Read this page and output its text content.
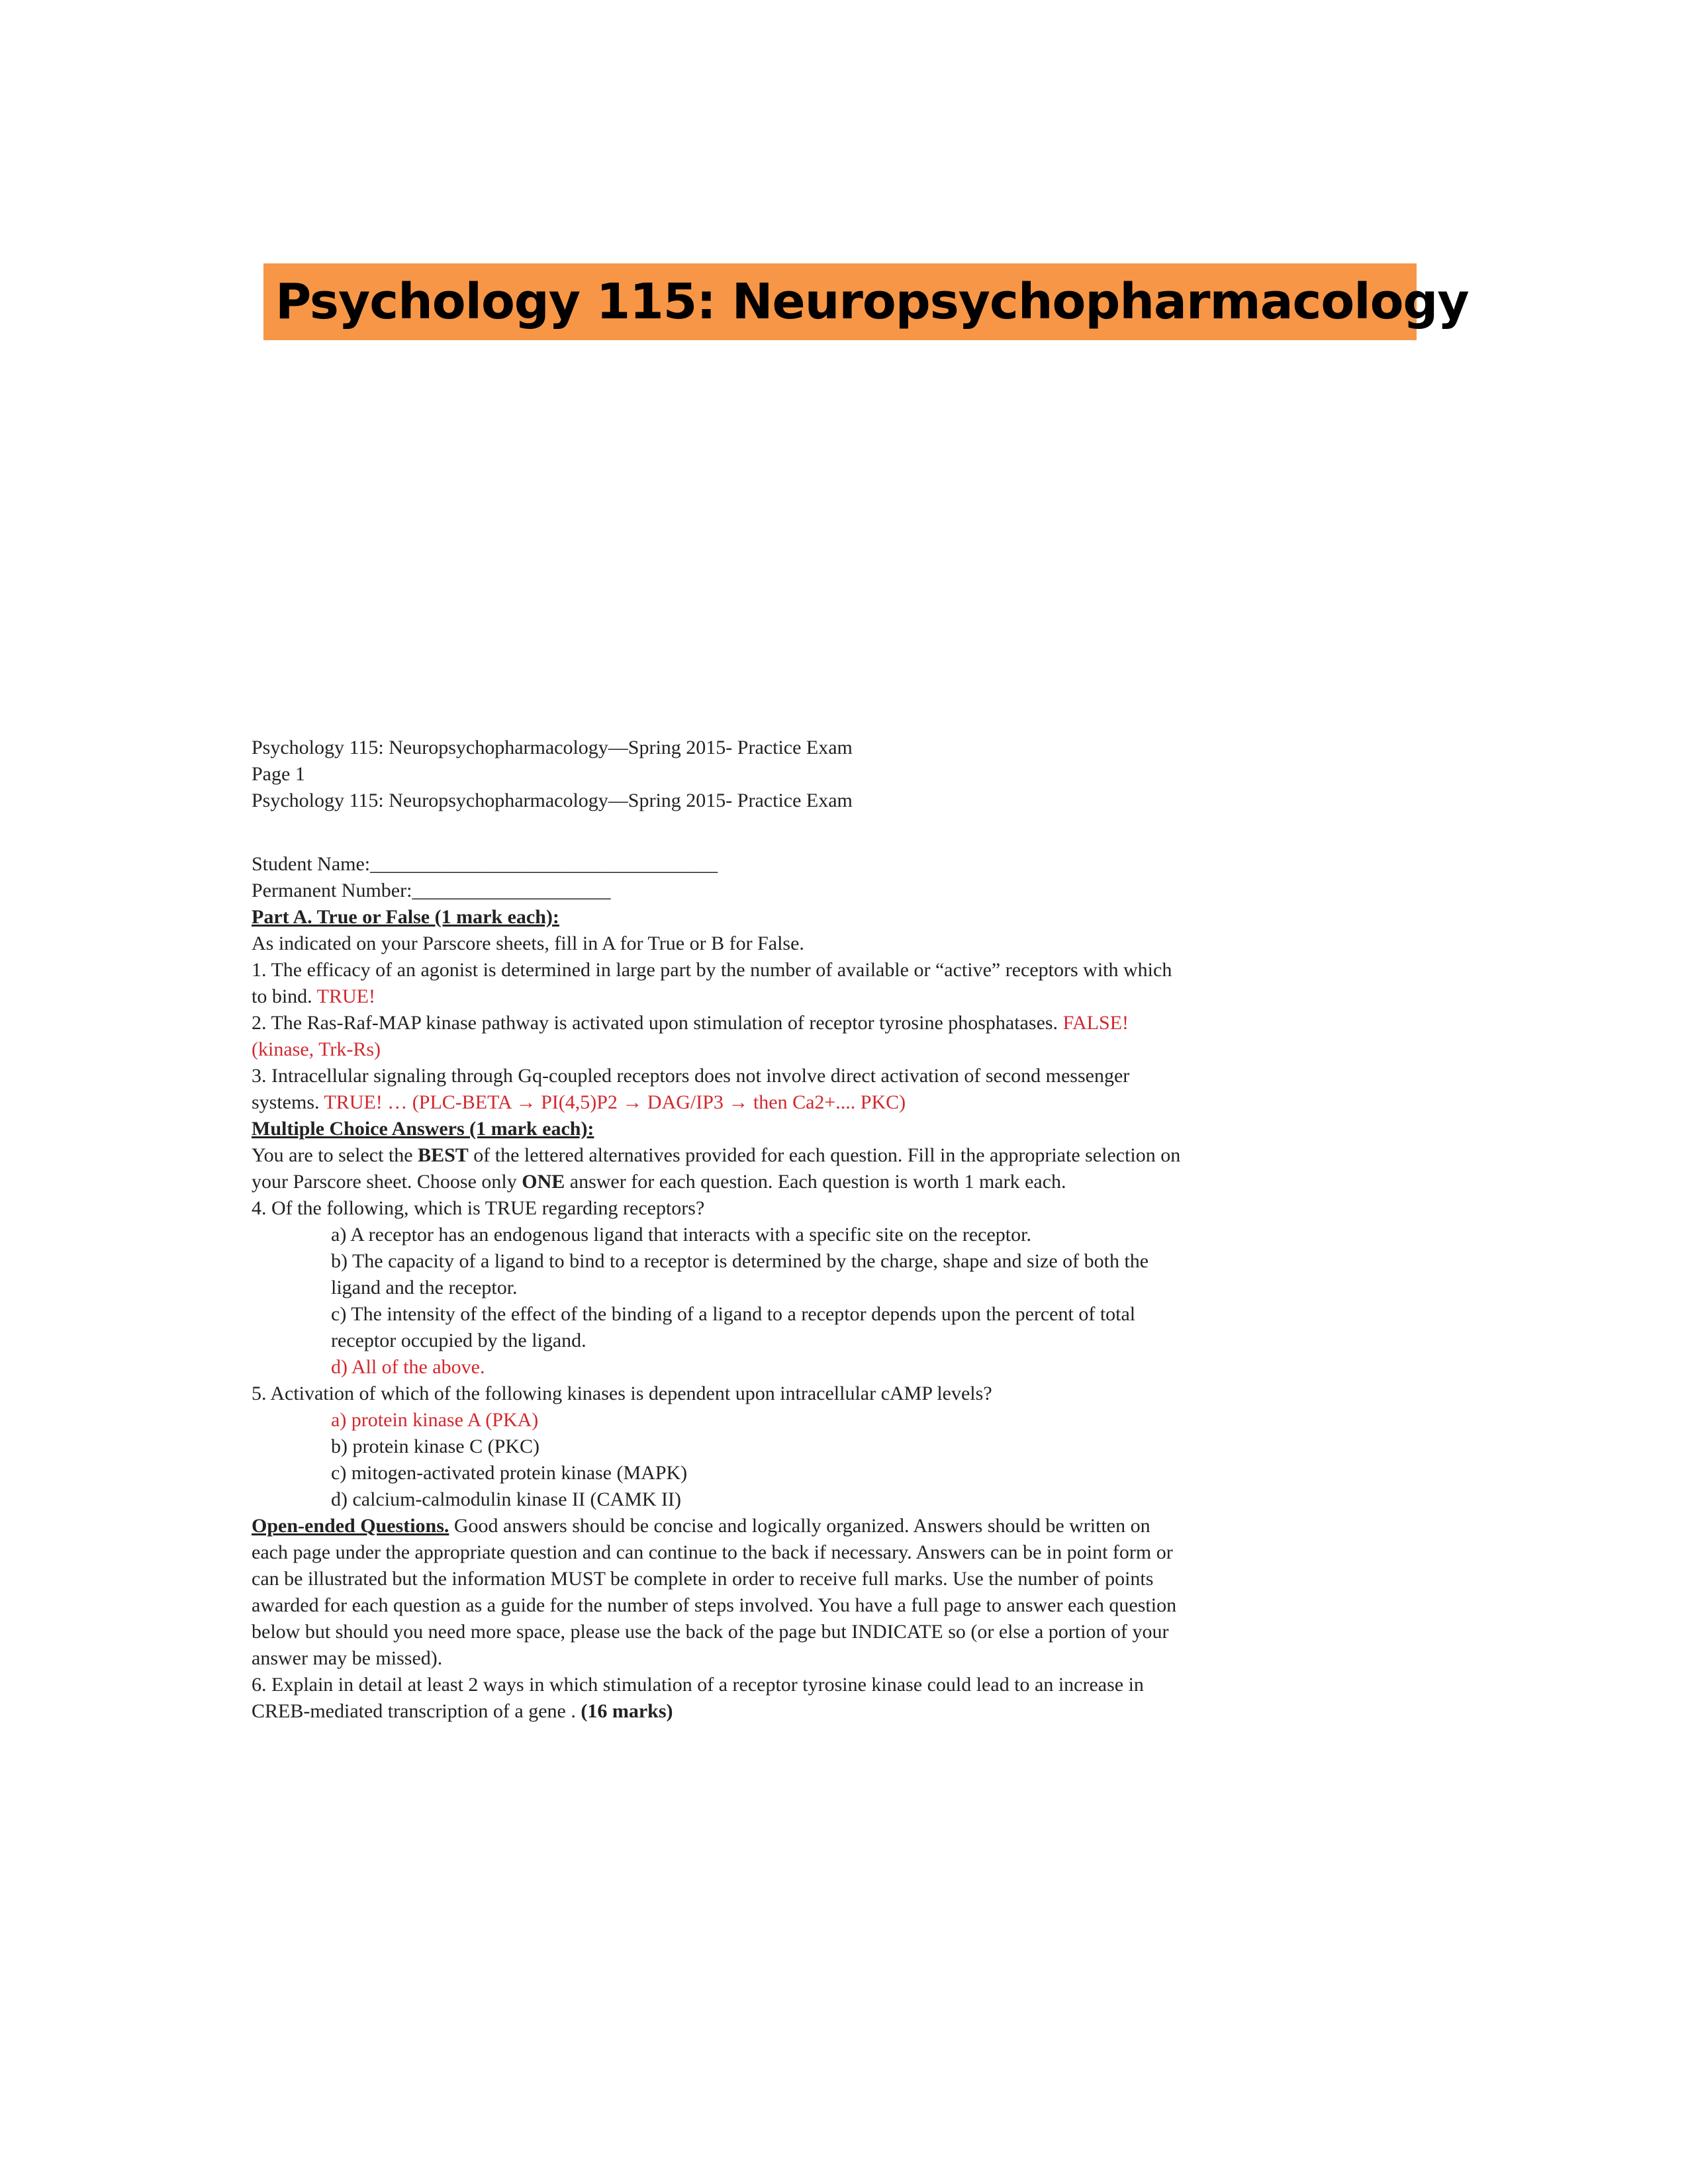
Psychology 115: Neuropsychopharmacology

Psychology 115: Neuropsychopharmacology—Spring 2015- Practice Exam

Page 1

Psychology 115: Neuropsychopharmacology—Spring 2015- Practice Exam

Student Name:___________________________________

Permanent Number:____________________

Part A. True or False (1 mark each):

As indicated on your Parscore sheets, fill in A for True or B for False.

1. The efficacy of an agonist is determined in large part by the number of available or “active” receptors with which to bind. TRUE!

2. The Ras-Raf-MAP kinase pathway is activated upon stimulation of receptor tyrosine phosphatases. FALSE! (kinase, Trk-Rs)

3. Intracellular signaling through Gq-coupled receptors does not involve direct activation of second messenger systems. TRUE! … (PLC-BETA → PI(4,5)P2 → DAG/IP3 → then Ca2+.... PKC)

Multiple Choice Answers (1 mark each):

You are to select the BEST of the lettered alternatives provided for each question. Fill in the appropriate selection on your Parscore sheet. Choose only ONE answer for each question. Each question is worth 1 mark each.

4. Of the following, which is TRUE regarding receptors?

a) A receptor has an endogenous ligand that interacts with a specific site on the receptor.

b) The capacity of a ligand to bind to a receptor is determined by the charge, shape and size of both the ligand and the receptor.

c) The intensity of the effect of the binding of a ligand to a receptor depends upon the percent of total receptor occupied by the ligand.

d) All of the above.

5. Activation of which of the following kinases is dependent upon intracellular cAMP levels?

a) protein kinase A (PKA)

b) protein kinase C (PKC)

c) mitogen-activated protein kinase (MAPK)

d) calcium-calmodulin kinase II (CAMK II)

Open-ended Questions. Good answers should be concise and logically organized. Answers should be written on each page under the appropriate question and can continue to the back if necessary. Answers can be in point form or can be illustrated but the information MUST be complete in order to receive full marks. Use the number of points awarded for each question as a guide for the number of steps involved. You have a full page to answer each question below but should you need more space, please use the back of the page but INDICATE so (or else a portion of your answer may be missed).

6. Explain in detail at least 2 ways in which stimulation of a receptor tyrosine kinase could lead to an increase in CREB-mediated transcription of a gene . (16 marks)
